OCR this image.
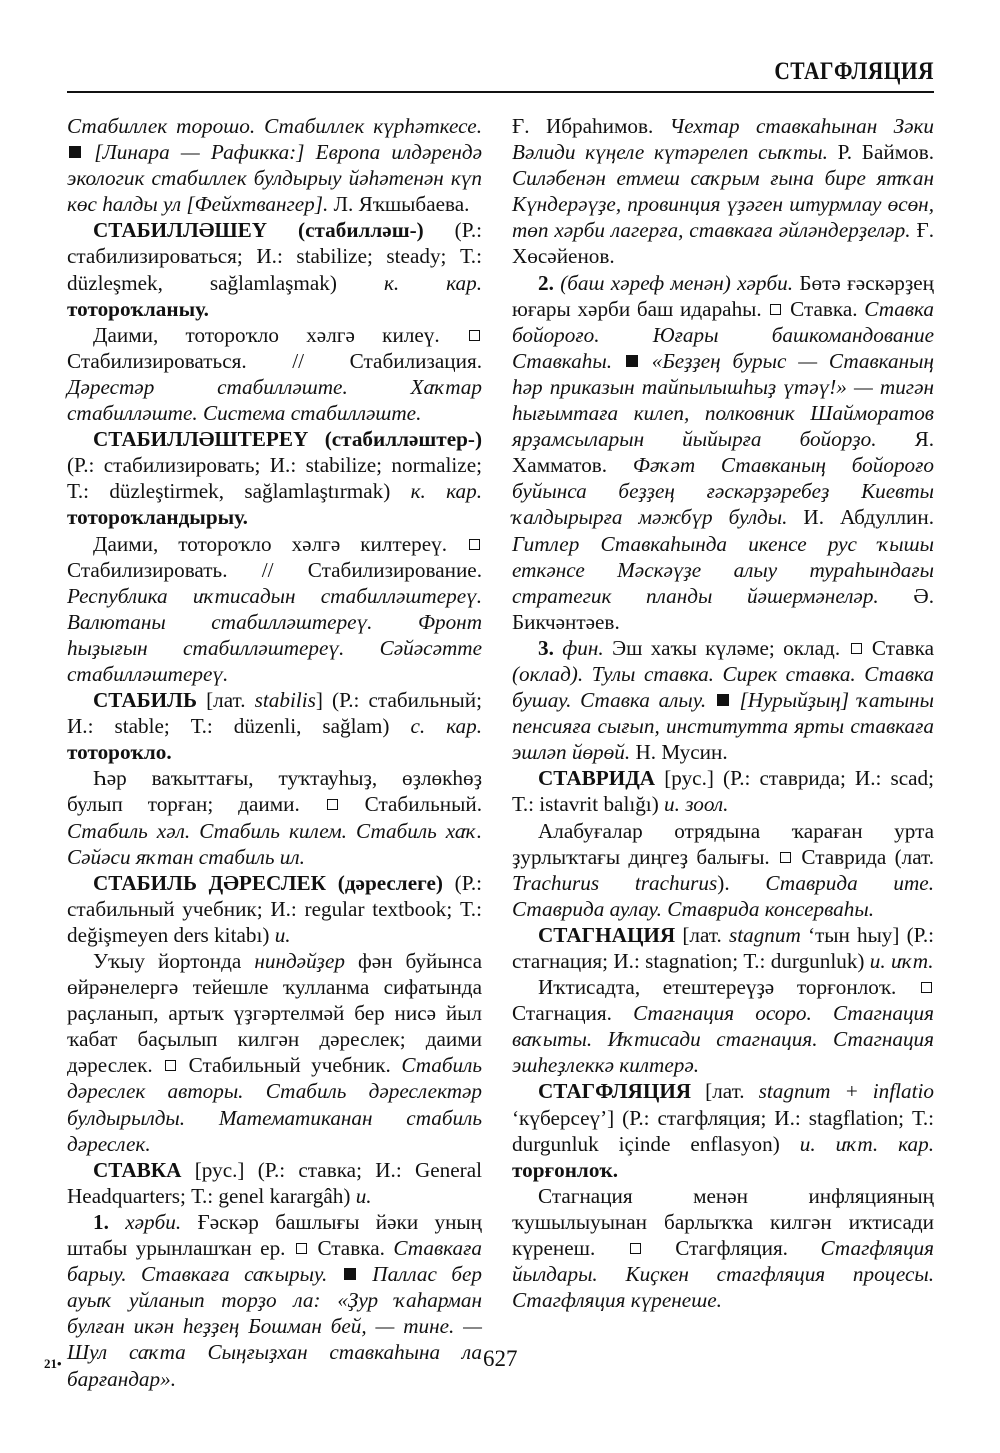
СТАГФЛЯЦИЯ

Стабиллек торошо. Стабиллек күрһәткесе.  [Линара — Рафикка:] Европа илдәрендә экологик стабиллек булдырыу йәһәтенән күп көс һалды ул [Фейхтвангер]. Л. Яҡшыбаева.

СТАБИЛЛӘШЕҮ (стабилләш-) (Р.: стабилизироваться; И.: stabilize; steady; Т.: düzleşmek, sağlamlaşmak) к. кар. тотороҡланыу.

Даими, тотороҡло хәлгә килеү.  Стабилизироваться. // Стабилизация. Дәрестәр стабилләште. Хаҡтар стабилләште. Система стабилләште.

СТАБИЛЛӘШТЕРЕҮ (стабилләштер-) (Р.: стабилизировать; И.: stabilize; normalize; Т.: düzleştirmek, sağlamlaştırmak) к. кар. тотороҡландырыу.

Даими, тотороҡло хәлгә килтереү.  Стабилизировать. // Стабилизирование. Республика иҡтисадын стабилләштереү. Валютаны стабилләштереү. Фронт һыҙығын стабилләштереү. Сәйәсәтте стабилләштереү.

СТАБИЛЬ [лат. stabilis] (Р.: стабильный; И.: stable; Т.: düzenli, sağlam) с. кар. тотороҡло.

Һәр ваҡыттағы, туҡтауһыҙ, өҙлөкһөҙ булып торған; даими.	Стабильный. Стабиль хәл. Стабиль килем. Стабиль хаҡ. Сәйәси яҡтан стабиль ил.

СТАБИЛЬ ДӘРЕСЛЕК (дәреслеге) (Р.: стабильный учебник; И.: regular textbook; Т.: değişmeyen ders kitabı) и.

Уҡыу йортонда ниндәйҙер фән буйынса өйрәнелергә тейешле ҡулланма сифатында раҫланып, артыҡ үҙгәртелмәй бер нисә йыл ҡабат баҫылып килгән дәреслек; даими дәреслек. Стабильный учебник. Стабиль дәреслек авторы. Стабиль дәреслектәр булдырылды. Математиканан стабиль дәреслек.

СТАВКА [рус.] (Р.: ставка; И.: General Headquarters; Т.: genel karargâh) и.

1. хәрби. Ғәскәр башлығы йәки уның штабы урынлашҡан ер. Ставка. Ставкаға барыу. Ставкаға саҡырыу. Паллас бер ауыҡ уйланып торҙо ла: «Ҙур ҡаһарман булған икән һеҙҙең Бошман бей, — тине. — Шул саҡта Сыңғыҙхан ставкаһына ла барғандар».

Ғ. Ибраһимов. Чехтар ставкаһынан Зәки Вәлиди күңеле күтәрелеп сыҡты. Р. Баймов. Силәбенән етмеш саҡрым ғына бире ятҡан Күндерәүҙе, провинция үҙәген штурмлау өсөн, төп хәрби лагерға, ставкаға әйләндерҙеләр. Ғ. Хөсәйенов.

2. (баш хәреф менән) хәрби. Бөтә ғәскәрҙең юғары хәрби баш идараһы. Ставка. Ставка бойороғо. Юғары башкомандование Ставкаһы. «Беҙҙең бурыс — Ставканың һәр приказын тайпылышһыҙ үтәү!» — тигән һығымтаға килеп, полковник Шайморатов ярҙамсыларын йыйырға бойорҙо. Я. Хамматов. Фәҡәт Ставканың бойороғо буйынса беҙҙең ғәскәрҙәребеҙ Киевты ҡалдырырға мәжбүр булды. И. Абдуллин. Гитлер Ставкаһында икенсе рус ҡышы еткәнсе Мәскәүҙе алыу тураһындағы стратегик планды йәшермәнеләр. Ә. Бикчәнтәев.

3. фин. Эш хаҡы күләме; оклад. Ставка (оклад). Тулы ставка. Сирек ставка. Ставка бушау. Ставка алыу. [Нурыйҙың] ҡатыны пенсияға сығып, институтта ярты ставкаға эшләп йөрөй. Н. Мусин.

СТАВРИДА [рус.] (Р.: ставрида; И.: scad; Т.: istavrit balığı) и. зоол.

Алабуғалар отрядына ҡараған урта ҙурлыҡтағы диңгеҙ балығы. Ставрида (лат. Trachurus trachurus). Ставрида ите. Ставрида аулау. Ставрида консерваһы.

СТАГНАЦИЯ [лат. stagnum ‘тын һыу] (Р.: стагнация; И.: stagnation; Т.: durgunluk) и. иҡт.

Иҡтисадта, етештереүҙә торғонлоҡ.  Стагнация. Стагнация осоро. Стагнация ваҡыты. Иҡтисади стагнация. Стагнация эшһеҙлеккә килтерә.

СТАГФЛЯЦИЯ [лат. stagnum + inflatio ‘күберсеү’] (Р.: стагфляция; И.: stagflation; Т.: durgunluk içinde enflasyon) и. иҡт. кар. торғонлоҡ.

Стагнация менән инфляцияның ҡушылыуынан барлыҡҡа килгән иҡтисади күренеш.	Стагфляция. Стагфляция йылдары. Киҫкен стагфляция процесы. Стагфляция күренеше.

21•	627
